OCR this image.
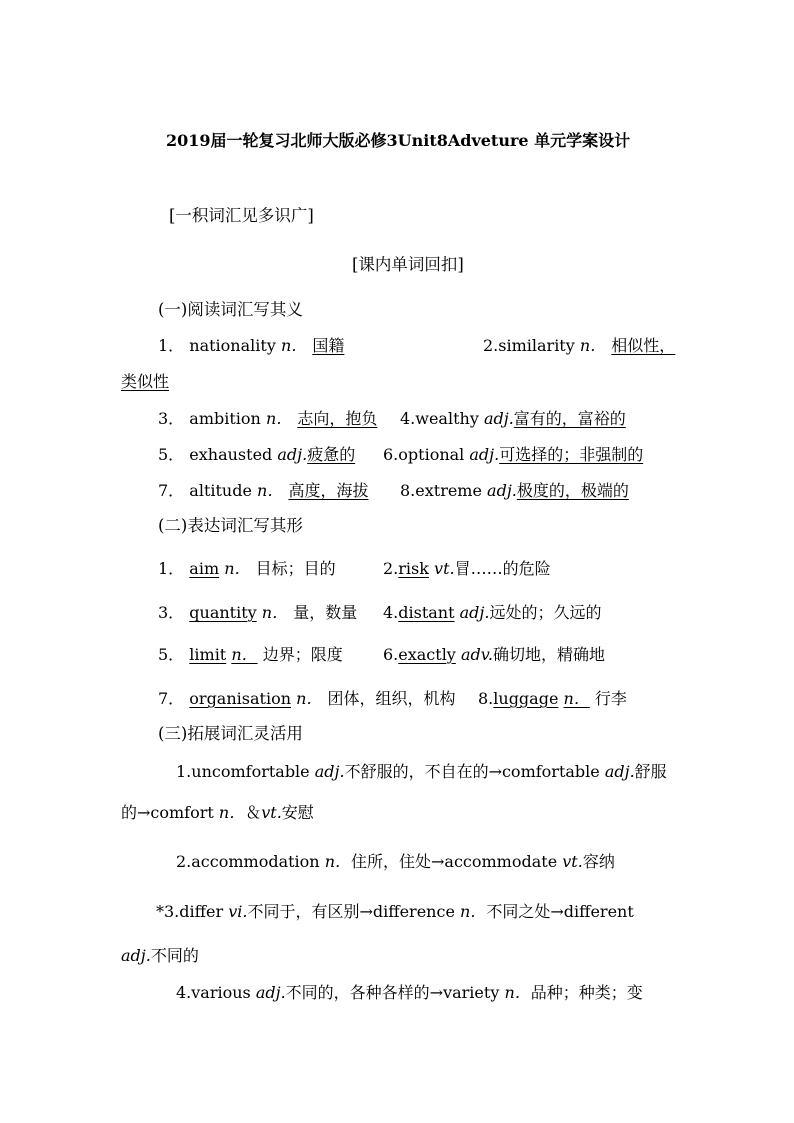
2019届一轮复习北师大版必修3Unit8Adveture 单元学案设计
[一积词汇见多识广]
[课内单词回扣]
(一)阅读词汇写其义
1． nationality n． 国籍	2.similarity n． 相似性，
类似性
3． ambition n． 志向，抱负 4.wealthy adj.富有的，富裕的
5． exhausted adj.疲惫的 6.optional adj.可选择的；非强制的
7． altitude n． 高度，海拔 8.extreme adj.极度的，极端的
(二)表达词汇写其形
1． aim n． 目标；目的	2.risk vt.冒……的危险
3． quantity n． 量，数量 4.distant adj.远处的；久远的
5． limit n． 边界；限度	6.exactly adv.确切地，精确地
7． organisation n． 团体，组织，机构 8.luggage n． 行李
(三)拓展词汇灵活用
1.uncomfortable adj.不舒服的，不自在的→comfortable adj.舒服
的→comfort n．＆vt.安慰
2.accommodation n．住所，住处→accommodate vt.容纳
*3.differ vi.不同于，有区别→difference n．不同之处→different
adj.不同的
4.various adj.不同的，各种各样的→variety n．品种；种类；变
